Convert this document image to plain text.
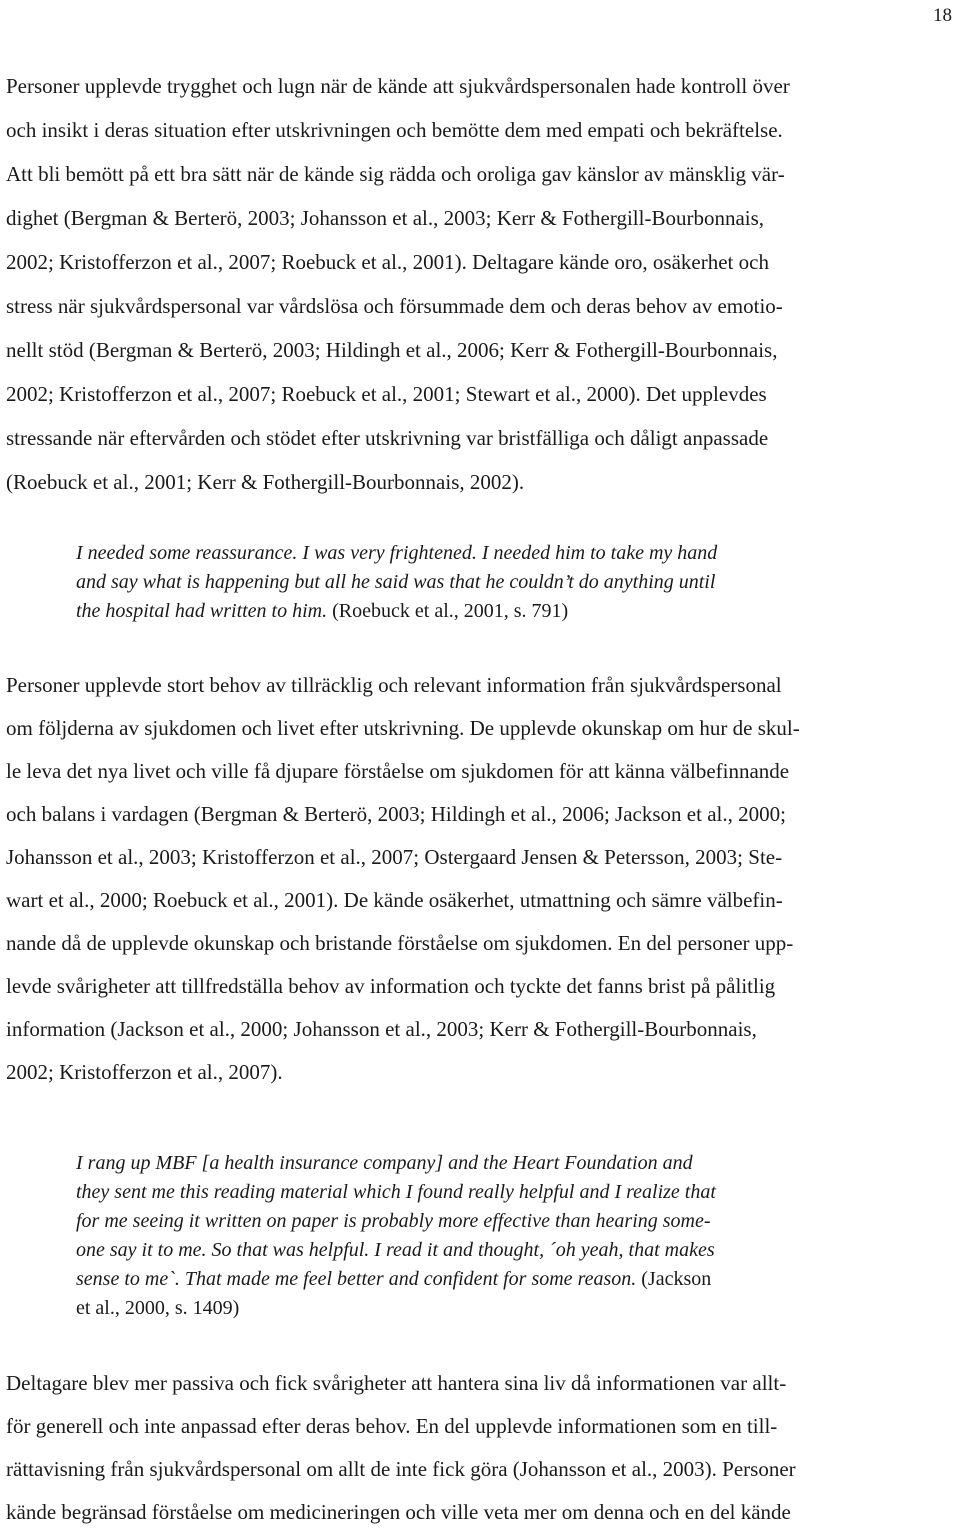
18
Personer upplevde trygghet och lugn när de kände att sjukvårdspersonalen hade kontroll över
och insikt i deras situation efter utskrivningen och bemötte dem med empati och bekräftelse.
Att bli bemött på ett bra sätt när de kände sig rädda och oroliga gav känslor av mänsklig vär-
dighet (Bergman & Berterö, 2003; Johansson et al., 2003; Kerr & Fothergill-Bourbonnais,
2002; Kristofferzon et al., 2007; Roebuck et al., 2001). Deltagare kände oro, osäkerhet och
stress när sjukvårdspersonal var vårdslösa och försummade dem och deras behov av emotio-
nellt stöd (Bergman & Berterö, 2003; Hildingh et al., 2006; Kerr & Fothergill-Bourbonnais,
2002; Kristofferzon et al., 2007; Roebuck et al., 2001; Stewart et al., 2000). Det upplevdes
stressande när eftervården och stödet efter utskrivning var bristfälliga och dåligt anpassade
(Roebuck et al., 2001; Kerr & Fothergill-Bourbonnais, 2002).
I needed some reassurance. I was very frightened. I needed him to take my hand
and say what is happening but all he said was that he couldn’t do anything until
the hospital had written to him. (Roebuck et al., 2001, s. 791)
Personer upplevde stort behov av tillräcklig och relevant information från sjukvårdspersonal
om följderna av sjukdomen och livet efter utskrivning. De upplevde okunskap om hur de skul-
le leva det nya livet och ville få djupare förståelse om sjukdomen för att känna välbefinnande
och balans i vardagen (Bergman & Berterö, 2003; Hildingh et al., 2006; Jackson et al., 2000;
Johansson et al., 2003; Kristofferzon et al., 2007; Ostergaard Jensen & Petersson, 2003; Ste-
wart et al., 2000; Roebuck et al., 2001). De kände osäkerhet, utmattning och sämre välbefin-
nande då de upplevde okunskap och bristande förståelse om sjukdomen. En del personer upp-
levde svårigheter att tillfredställa behov av information och tyckte det fanns brist på pålitlig
information (Jackson et al., 2000; Johansson et al., 2003; Kerr & Fothergill-Bourbonnais,
2002; Kristofferzon et al., 2007).
I rang up MBF [a health insurance company] and the Heart Foundation and
they sent me this reading material which I found really helpful and I realize that
for me seeing it written on paper is probably more effective than hearing some-
one say it to me. So that was helpful. I read it and thought, ´oh yeah, that makes
sense to me`. That made me feel better and confident for some reason. (Jackson
et al., 2000, s. 1409)
Deltagare blev mer passiva och fick svårigheter att hantera sina liv då informationen var allt-
för generell och inte anpassad efter deras behov. En del upplevde informationen som en till-
rättavisning från sjukvårdspersonal om allt de inte fick göra (Johansson et al., 2003). Personer
kände begränsad förståelse om medicineringen och ville veta mer om denna och en del kände
